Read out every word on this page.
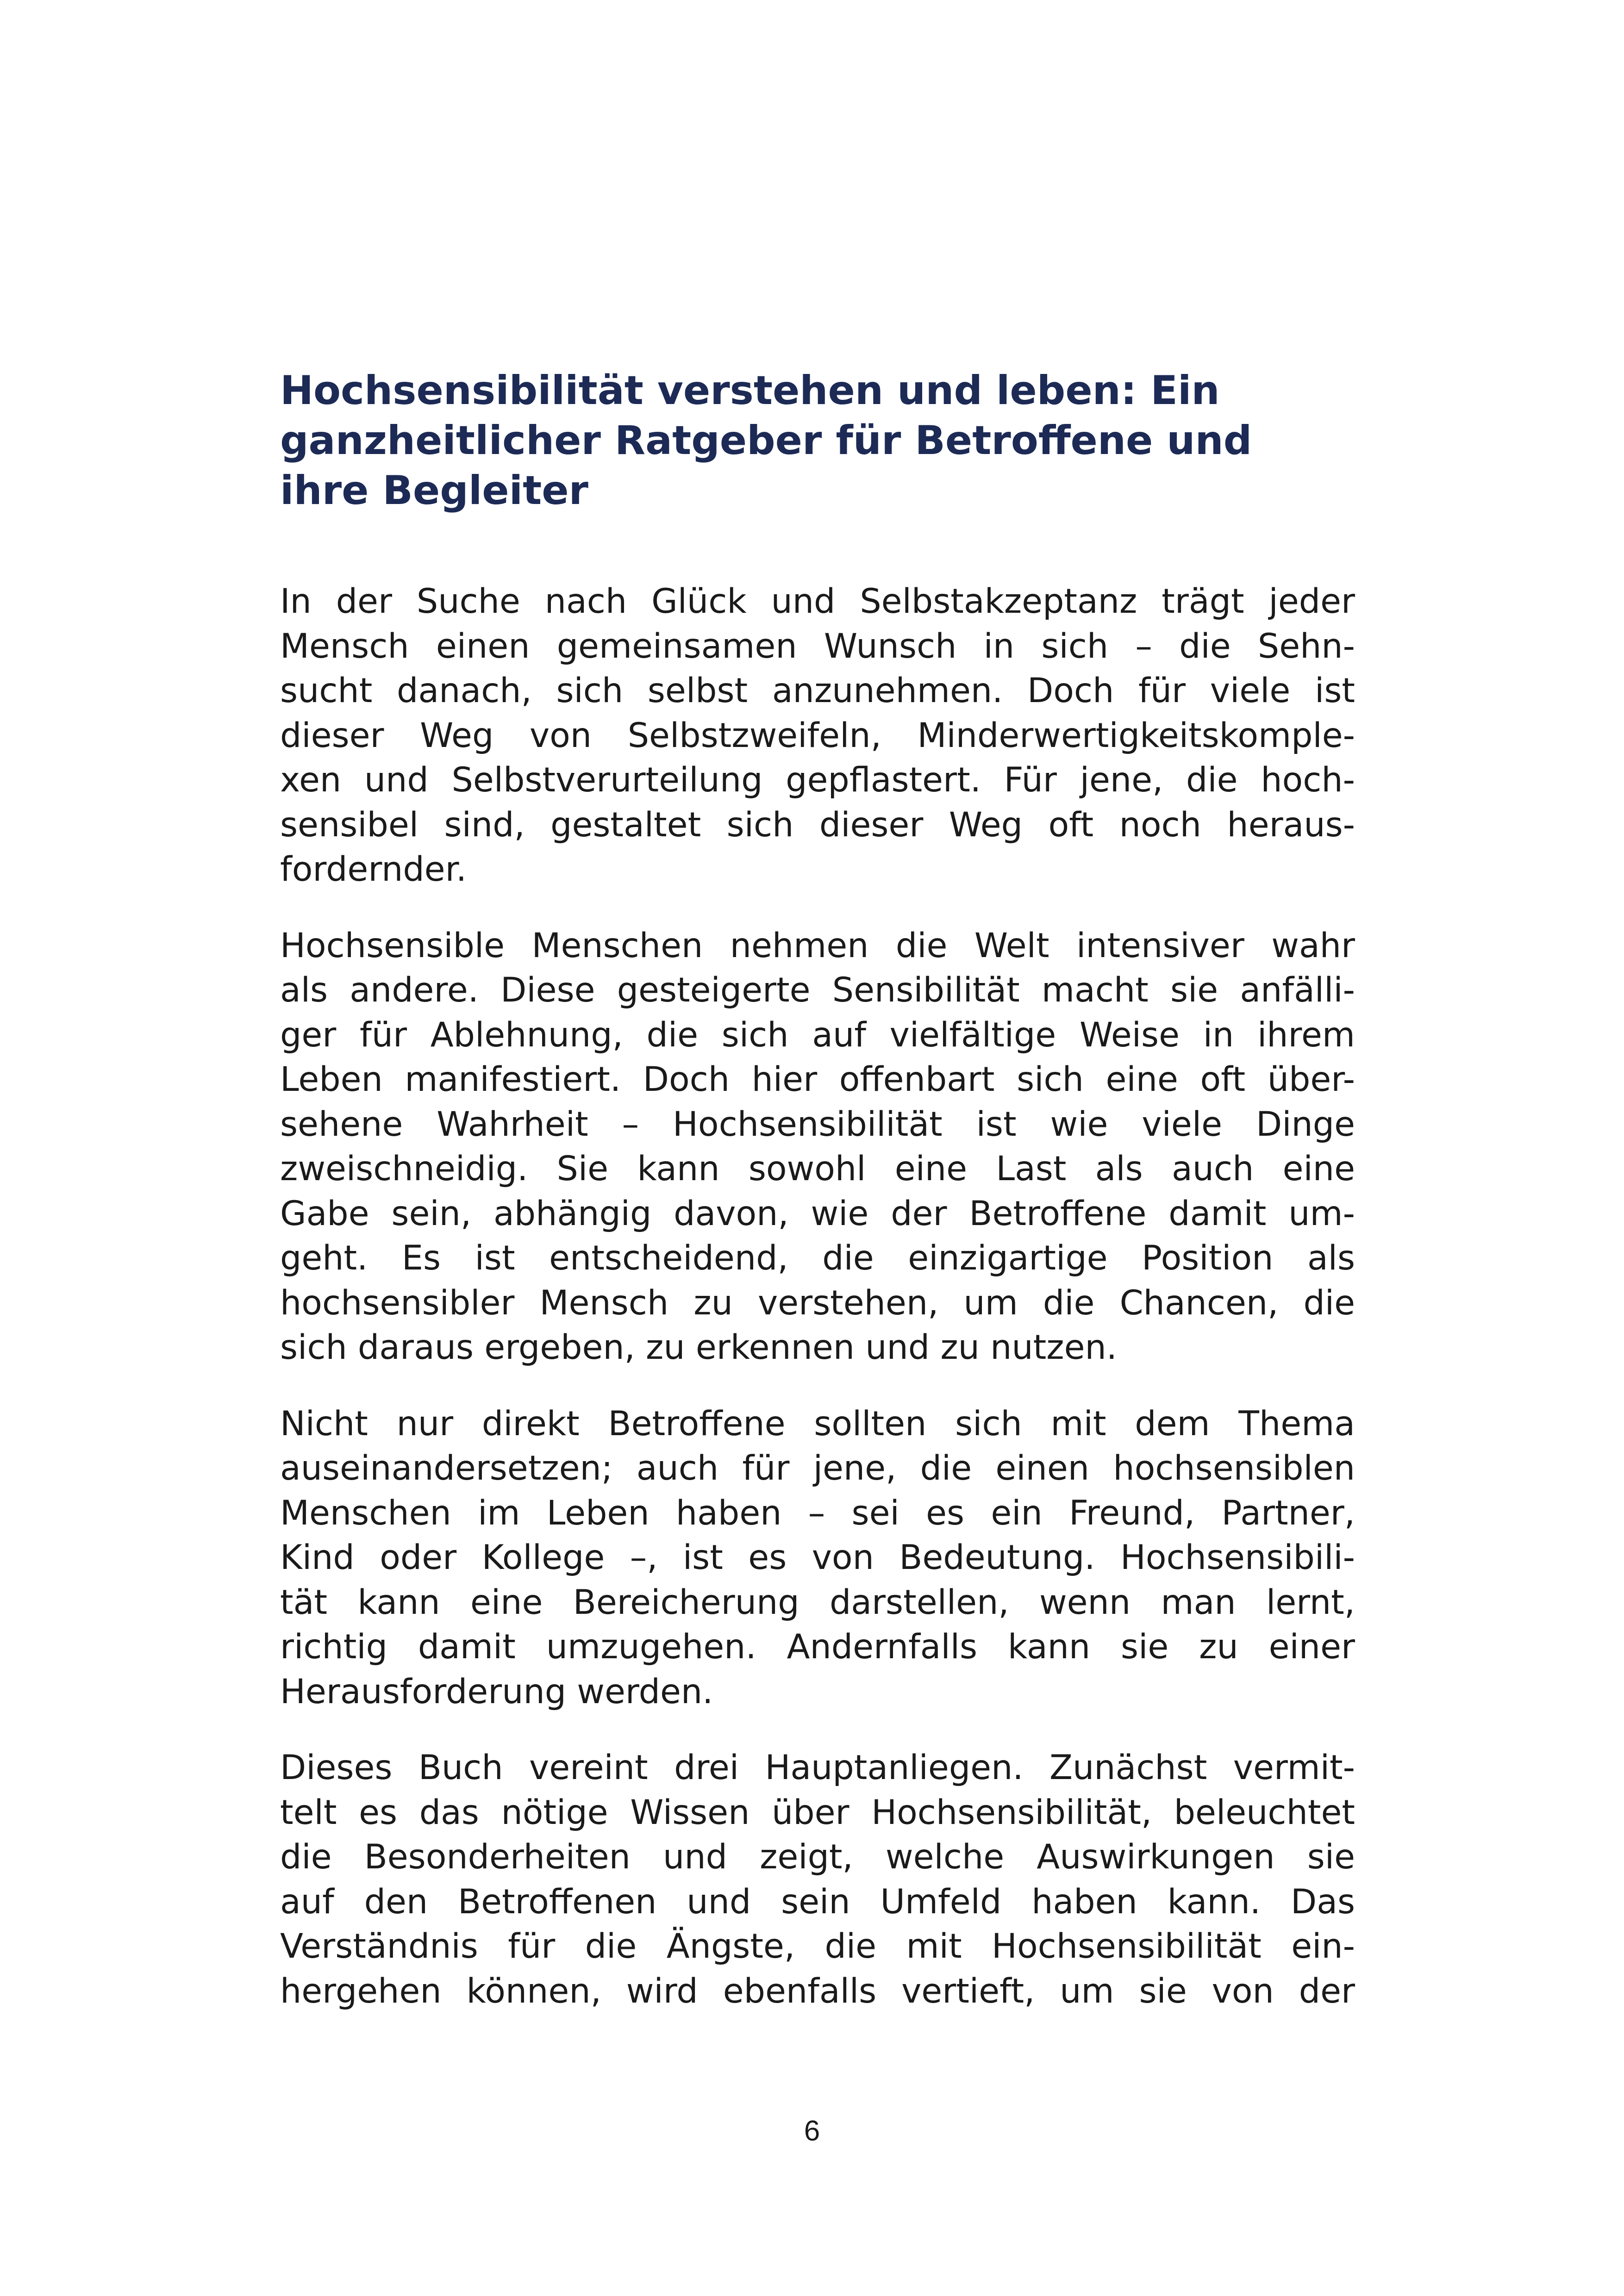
Hochsensibilität verstehen und leben: Ein
ganzheitlicher Ratgeber für Betroffene und
ihre Begleiter

In der Suche nach Glück und Selbstakzeptanz trägt jeder
Mensch einen gemeinsamen Wunsch in sich – die Sehn-
sucht danach, sich selbst anzunehmen. Doch für viele ist
dieser Weg von Selbstzweifeln, Minderwertigkeitskomple-
xen und Selbstverurteilung gepflastert. Für jene, die hoch-
sensibel sind, gestaltet sich dieser Weg oft noch heraus-
fordernder.

Hochsensible Menschen nehmen die Welt intensiver wahr
als andere. Diese gesteigerte Sensibilität macht sie anfälli-
ger für Ablehnung, die sich auf vielfältige Weise in ihrem
Leben manifestiert. Doch hier offenbart sich eine oft über-
sehene Wahrheit – Hochsensibilität ist wie viele Dinge
zweischneidig. Sie kann sowohl eine Last als auch eine
Gabe sein, abhängig davon, wie der Betroffene damit um-
geht. Es ist entscheidend, die einzigartige Position als
hochsensibler Mensch zu verstehen, um die Chancen, die
sich daraus ergeben, zu erkennen und zu nutzen.

Nicht nur direkt Betroffene sollten sich mit dem Thema
auseinandersetzen; auch für jene, die einen hochsensiblen
Menschen im Leben haben – sei es ein Freund, Partner,
Kind oder Kollege –, ist es von Bedeutung. Hochsensibili-
tät kann eine Bereicherung darstellen, wenn man lernt,
richtig damit umzugehen. Andernfalls kann sie zu einer
Herausforderung werden.

Dieses Buch vereint drei Hauptanliegen. Zunächst vermit-
telt es das nötige Wissen über Hochsensibilität, beleuchtet
die Besonderheiten und zeigt, welche Auswirkungen sie
auf den Betroffenen und sein Umfeld haben kann. Das
Verständnis für die Ängste, die mit Hochsensibilität ein-
hergehen können, wird ebenfalls vertieft, um sie von der

6
